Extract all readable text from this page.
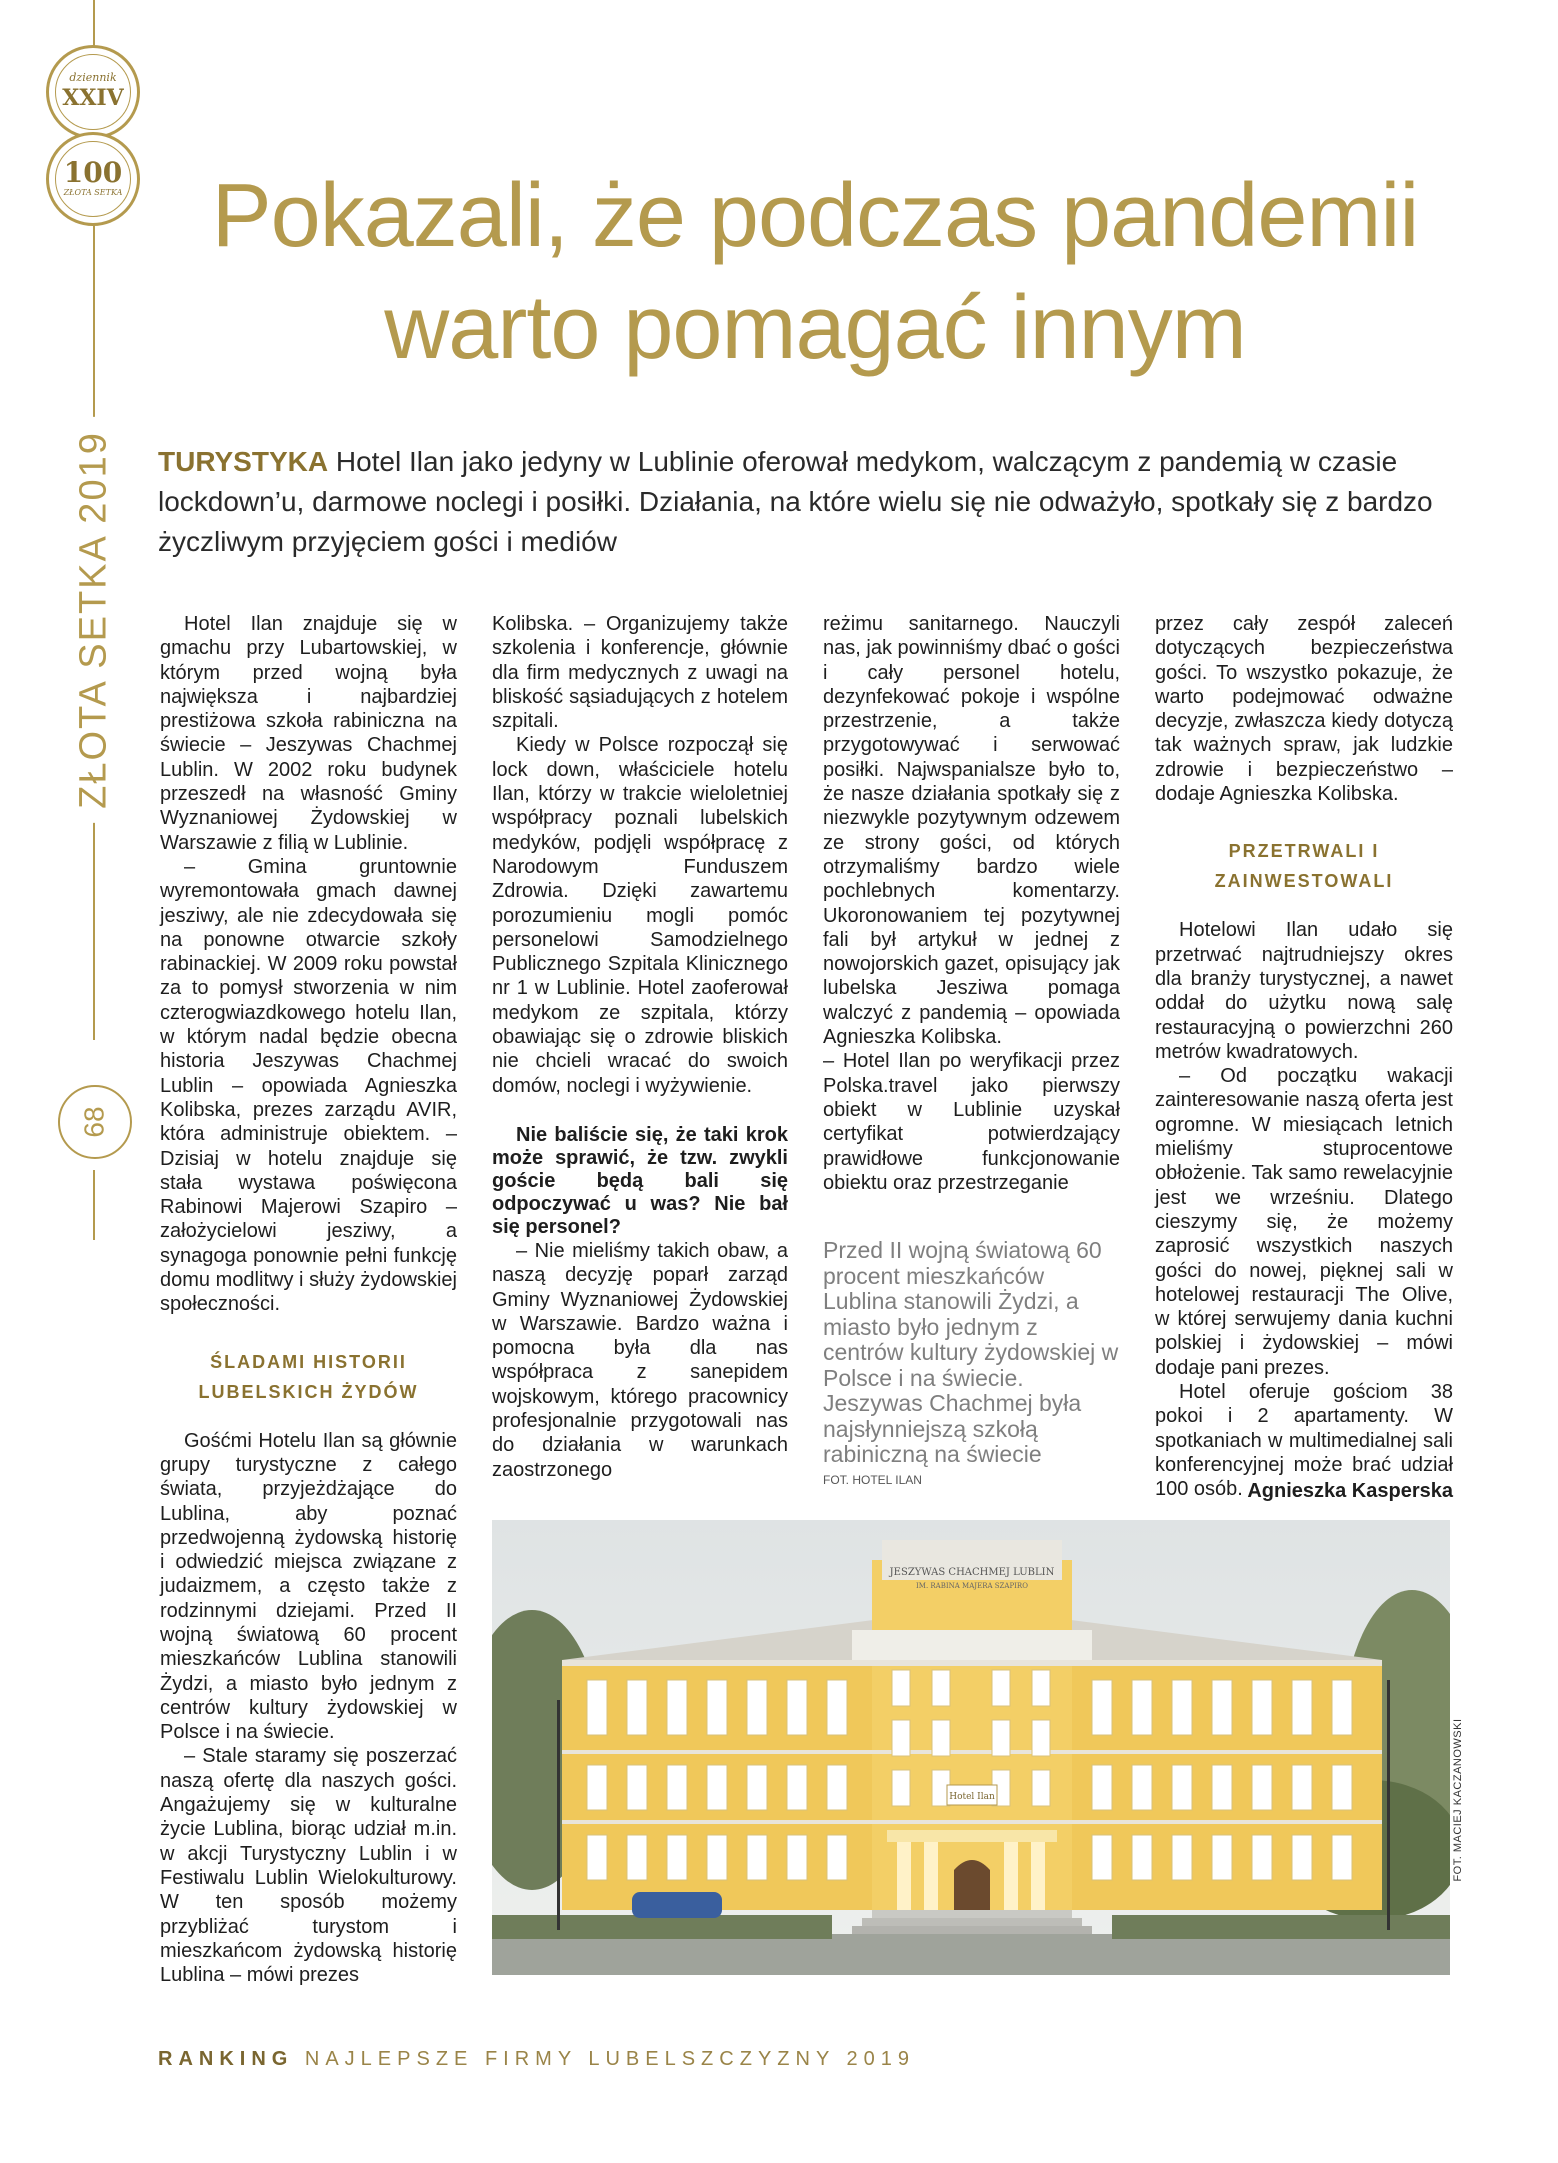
dziennik
XXIV
100
ZŁOTA SETKA
ZŁOTA SETKA 2019
68
Pokazali, że podczas pandemii
warto pomagać innym

TURYSTYKA Hotel Ilan jako jedyny w Lublinie oferował medykom, walczącym z pandemią w czasie lockdown’u, darmowe noclegi i posiłki. Działania, na które wielu się nie odważyło, spotkały się z bardzo życzliwym przyjęciem gości i mediów

Hotel Ilan znajduje się w gmachu przy Lubartowskiej, w którym przed wojną była największa i najbardziej prestiżowa szkoła rabiniczna na świecie – Jeszywas Chachmej Lublin. W 2002 roku budynek przeszedł na własność Gminy Wyznaniowej Żydowskiej w Warszawie z filią w Lublinie.

– Gmina gruntownie wyremontowała gmach dawnej jesziwy, ale nie zdecydowała się na ponowne otwarcie szkoły rabinackiej. W 2009 roku powstał za to pomysł stworzenia w nim czterogwiazdkowego hotelu Ilan, w którym nadal będzie obecna historia Jeszywas Chachmej Lublin – opowiada Agnieszka Kolibska, prezes zarządu AVIR, która administruje obiektem. – Dzisiaj w hotelu znajduje się stała wystawa poświęcona Rabinowi Majerowi Szapiro – założycielowi jesziwy, a synagoga ponownie pełni funkcję domu modlitwy i służy żydowskiej społeczności.

ŚLADAMI HISTORII
LUBELSKICH ŻYDÓW

Gośćmi Hotelu Ilan są głównie grupy turystyczne z całego świata, przyjeżdżające do Lublina, aby poznać przedwojenną żydowską historię i odwiedzić miejsca związane z judaizmem, a często także z rodzinnymi dziejami. Przed II wojną światową 60 procent mieszkańców Lublina stanowili Żydzi, a miasto było jednym z centrów kultury żydowskiej w Polsce i na świecie.

– Stale staramy się poszerzać naszą ofertę dla naszych gości. Angażujemy się w kulturalne życie Lublina, biorąc udział m.in. w akcji Turystyczny Lublin i w Festiwalu Lublin Wielokulturowy. W ten sposób możemy przybliżać turystom i mieszkańcom żydowską historię Lublina – mówi prezes

Kolibska. – Organizujemy także szkolenia i konferencje, głównie dla firm medycznych z uwagi na bliskość sąsiadujących z hotelem szpitali.

Kiedy w Polsce rozpoczął się lock down, właściciele hotelu Ilan, którzy w trakcie wieloletniej współpracy poznali lubelskich medyków, podjęli współpracę z Narodowym Funduszem Zdrowia. Dzięki zawartemu porozumieniu mogli pomóc personelowi Samodzielnego Publicznego Szpitala Klinicznego nr 1 w Lublinie. Hotel zaoferował medykom ze szpitala, którzy obawiając się o zdrowie bliskich nie chcieli wracać do swoich domów, noclegi i wyżywienie.

Nie baliście się, że taki krok może sprawić, że tzw. zwykli goście będą bali się odpoczywać u was? Nie bał się personel?

– Nie mieliśmy takich obaw, a naszą decyzję poparł zarząd Gminy Wyznaniowej Żydowskiej w Warszawie. Bardzo ważna i pomocna była dla nas współpraca z sanepidem wojskowym, którego pracownicy profesjonalnie przygotowali nas do działania w warunkach zaostrzonego

reżimu sanitarnego. Nauczyli nas, jak powinniśmy dbać o gości i cały personel hotelu, dezynfekować pokoje i wspólne przestrzenie, a także przygotowywać i serwować posiłki. Najwspanialsze było to, że nasze działania spotkały się z niezwykle pozytywnym odzewem ze strony gości, od których otrzymaliśmy bardzo wiele pochlebnych komentarzy. Ukoronowaniem tej pozytywnej fali był artykuł w jednej z nowojorskich gazet, opisujący jak lubelska Jesziwa pomaga walczyć z pandemią – opowiada Agnieszka Kolibska.

– Hotel Ilan po weryfikacji przez Polska.travel jako pierwszy obiekt w Lublinie uzyskał certyfikat potwierdzający prawidłowe funkcjonowanie obiektu oraz przestrzeganie

Przed II wojną światową 60 procent mieszkańców Lublina stanowili Żydzi, a miasto było jednym z centrów kultury żydowskiej w Polsce i na świecie. Jeszywas Chachmej była najsłynniejszą szkołą rabiniczną na świecie
FOT. HOTEL ILAN

przez cały zespół zaleceń dotyczących bezpieczeństwa gości. To wszystko pokazuje, że warto podejmować odważne decyzje, zwłaszcza kiedy dotyczą tak ważnych spraw, jak ludzkie zdrowie i bezpieczeństwo – dodaje Agnieszka Kolibska.

PRZETRWALI I
ZAINWESTOWALI

Hotelowi Ilan udało się przetrwać najtrudniejszy okres dla branży turystycznej, a nawet oddał do użytku nową salę restauracyjną o powierzchni 260 metrów kwadratowych.

– Od początku wakacji zainteresowanie naszą oferta jest ogromne. W miesiącach letnich mieliśmy stuprocentowe obłożenie. Tak samo rewelacyjnie jest we wrześniu. Dlatego cieszymy się, że możemy zaprosić wszystkich naszych gości do nowej, pięknej sali w hotelowej restauracji The Olive, w której serwujemy dania kuchni polskiej i żydowskiej – mówi dodaje pani prezes.

Hotel oferuje gościom 38 pokoi i 2 apartamenty. W spotkaniach w multimedialnej sali konferencyjnej może brać udział 100 osób. Agnieszka Kasperska
JESZYWAS CHACHMEJ LUBLIN
IM. RABINA MAJERA SZAPIRO
Hotel Ilan	FOT. MACIEJ KACZANOWSKI
RANKING NAJLEPSZE FIRMY LUBELSZCZYZNY 2019
